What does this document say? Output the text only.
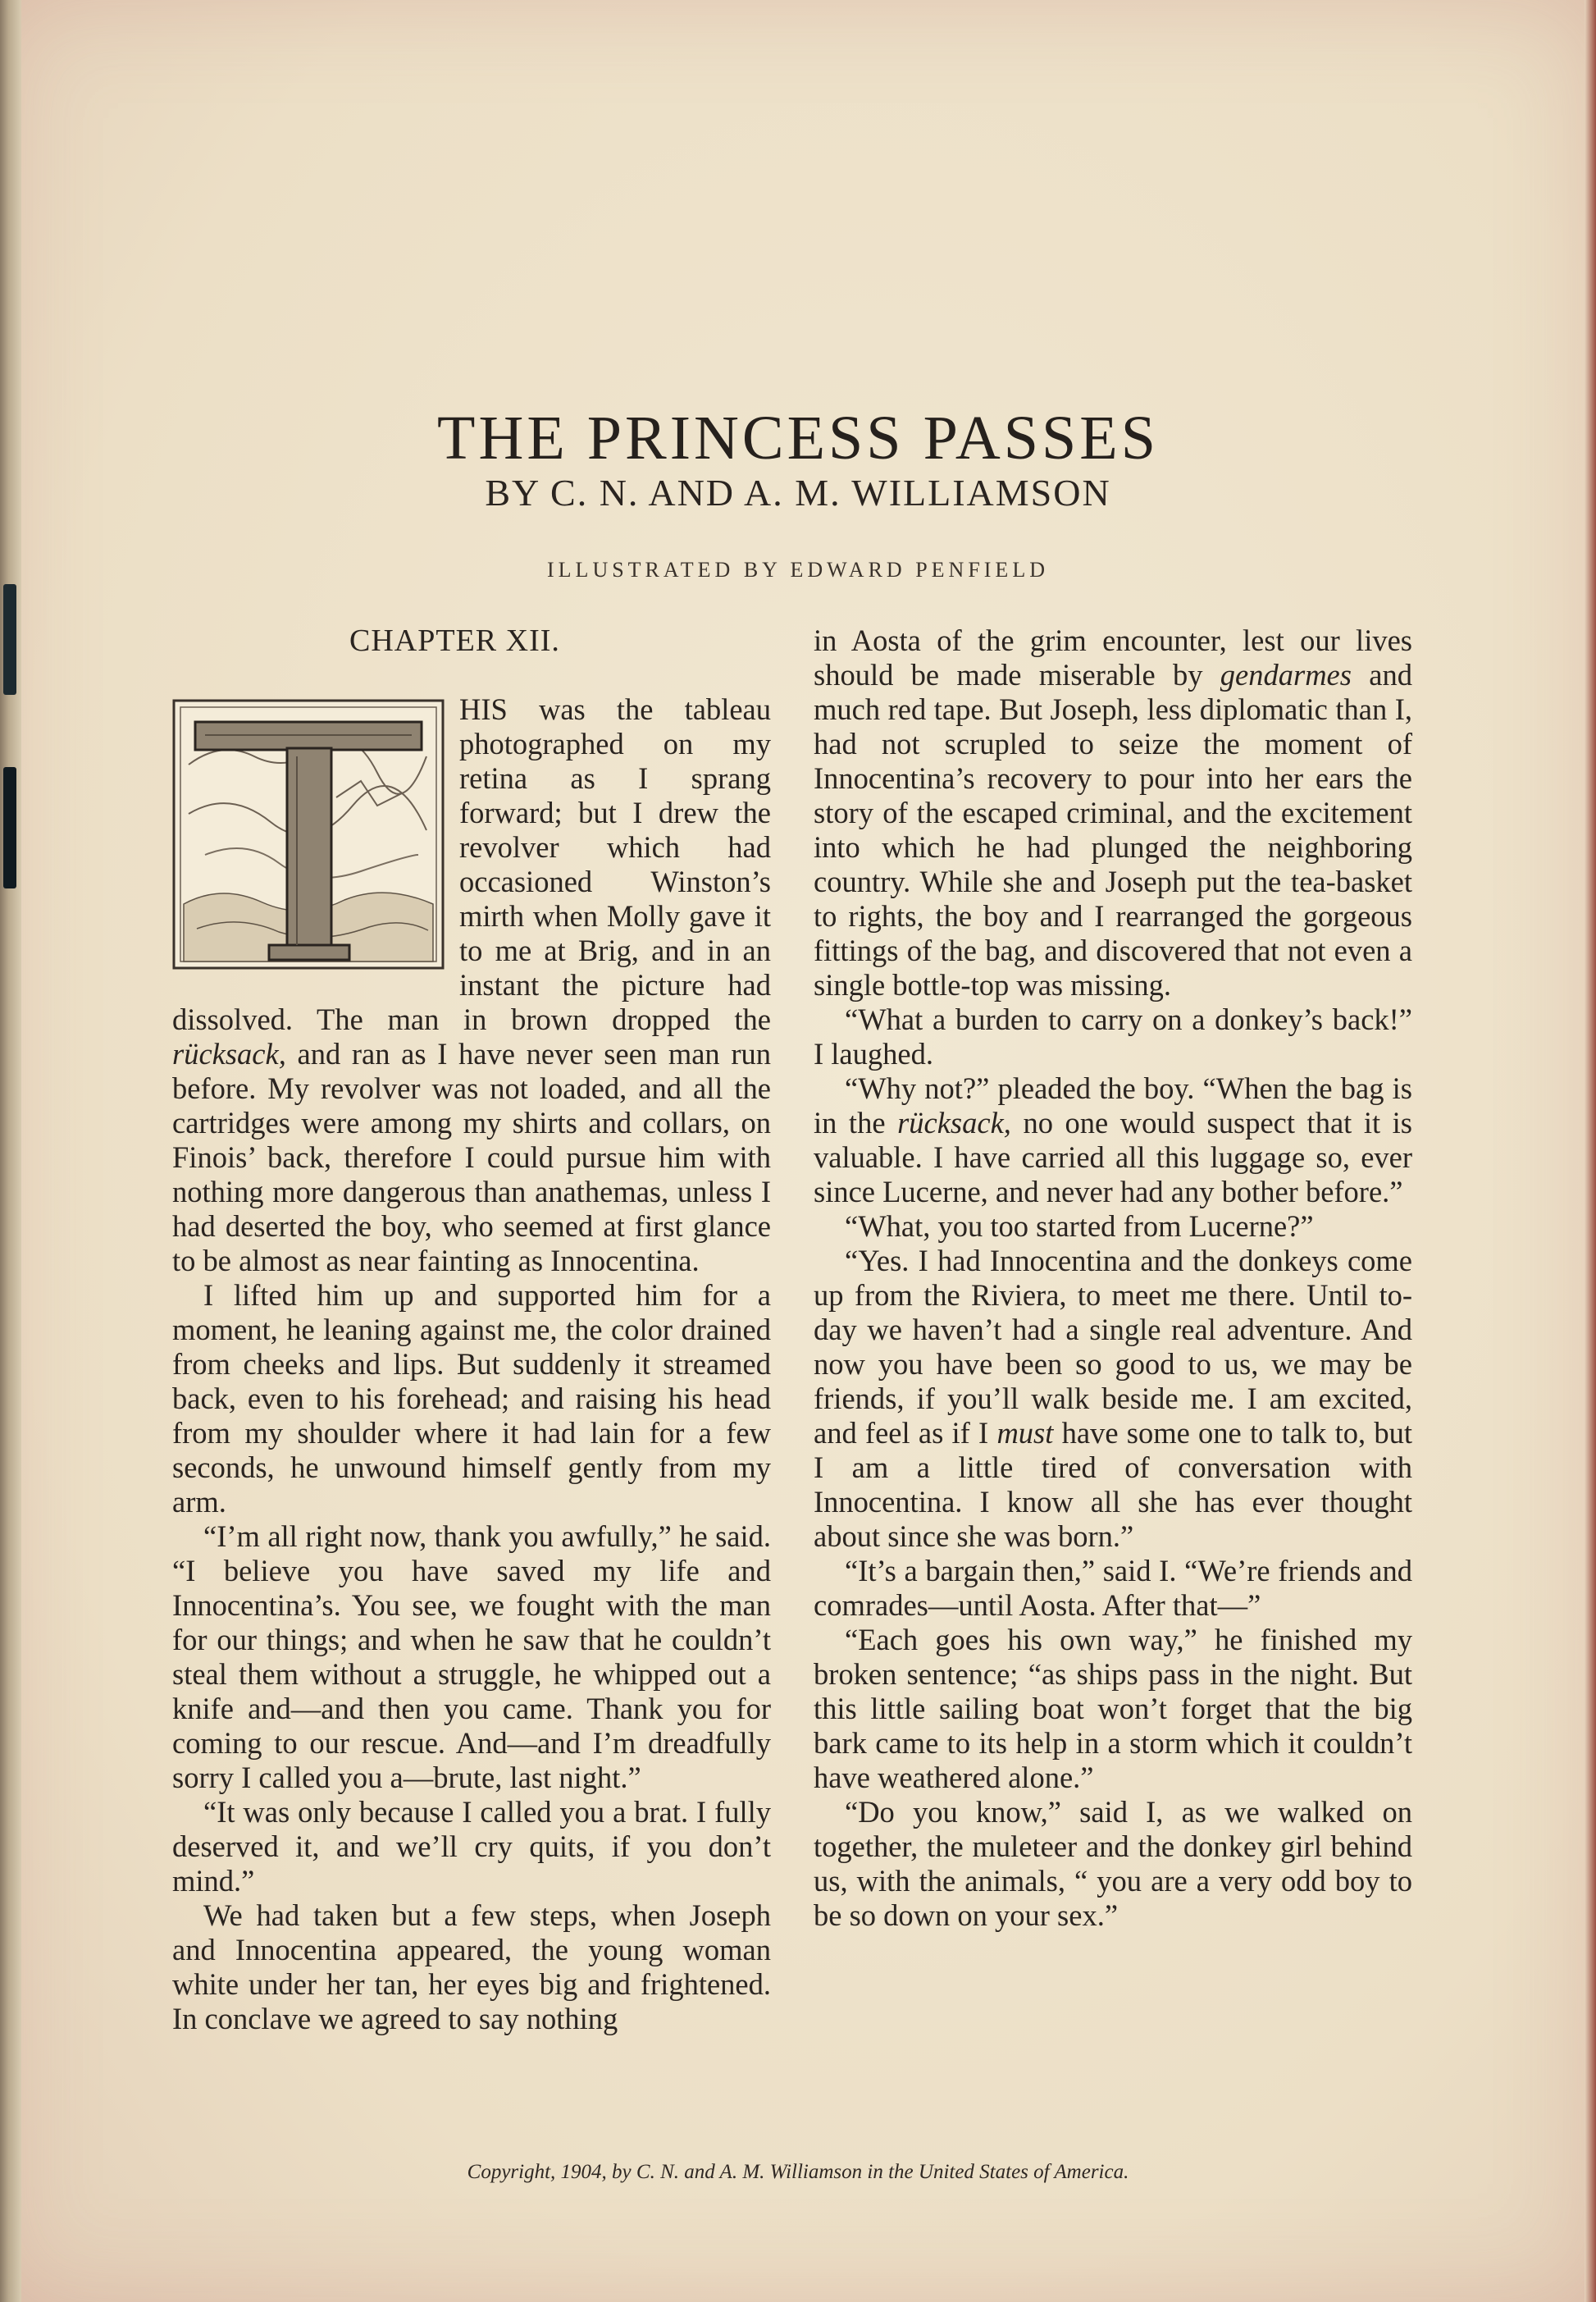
THE PRINCESS PASSES
BY C. N. AND A. M. WILLIAMSON
ILLUSTRATED BY EDWARD PENFIELD

CHAPTER XII.

HIS was the tableau photographed on my retina as I sprang forward; but I drew the revolver which had occasioned Winston’s mirth when Molly gave it to me at Brig, and in an instant the picture had dissolved. The man in brown dropped the rücksack, and ran as I have never seen man run before. My revolver was not loaded, and all the cartridges were among my shirts and collars, on Finois’ back, therefore I could pursue him with nothing more dangerous than anathemas, unless I had deserted the boy, who seemed at first glance to be almost as near fainting as Innocentina.

I lifted him up and supported him for a moment, he leaning against me, the color drained from cheeks and lips. But suddenly it streamed back, even to his forehead; and raising his head from my shoulder where it had lain for a few seconds, he unwound himself gently from my arm.

“I’m all right now, thank you awfully,” he said. “I believe you have saved my life and Innocentina’s. You see, we fought with the man for our things; and when he saw that he couldn’t steal them without a struggle, he whipped out a knife and—and then you came. Thank you for coming to our rescue. And—and I’m dreadfully sorry I called you a—brute, last night.”

“It was only because I called you a brat. I fully deserved it, and we’ll cry quits, if you don’t mind.”

We had taken but a few steps, when Joseph and Innocentina appeared, the young woman white under her tan, her eyes big and frightened. In conclave we agreed to say nothing

in Aosta of the grim encounter, lest our lives should be made miserable by gendarmes and much red tape. But Joseph, less diplomatic than I, had not scrupled to seize the moment of Innocentina’s recovery to pour into her ears the story of the escaped criminal, and the excitement into which he had plunged the neighboring country. While she and Joseph put the tea-basket to rights, the boy and I rearranged the gorgeous fittings of the bag, and discovered that not even a single bottle-top was missing.

“What a burden to carry on a donkey’s back!” I laughed.

“Why not?” pleaded the boy. “When the bag is in the rücksack, no one would suspect that it is valuable. I have carried all this luggage so, ever since Lucerne, and never had any bother before.”

“What, you too started from Lucerne?”

“Yes. I had Innocentina and the donkeys come up from the Riviera, to meet me there. Until to-day we haven’t had a single real adventure. And now you have been so good to us, we may be friends, if you’ll walk beside me. I am excited, and feel as if I must have some one to talk to, but I am a little tired of conversation with Innocentina. I know all she has ever thought about since she was born.”

“It’s a bargain then,” said I. “We’re friends and comrades—until Aosta. After that—”

“Each goes his own way,” he finished my broken sentence; “as ships pass in the night. But this little sailing boat won’t forget that the big bark came to its help in a storm which it couldn’t have weathered alone.”

“Do you know,” said I, as we walked on together, the muleteer and the donkey girl behind us, with the animals, “ you are a very odd boy to be so down on your sex.”

Copyright, 1904, by C. N. and A. M. Williamson in the United States of America.
